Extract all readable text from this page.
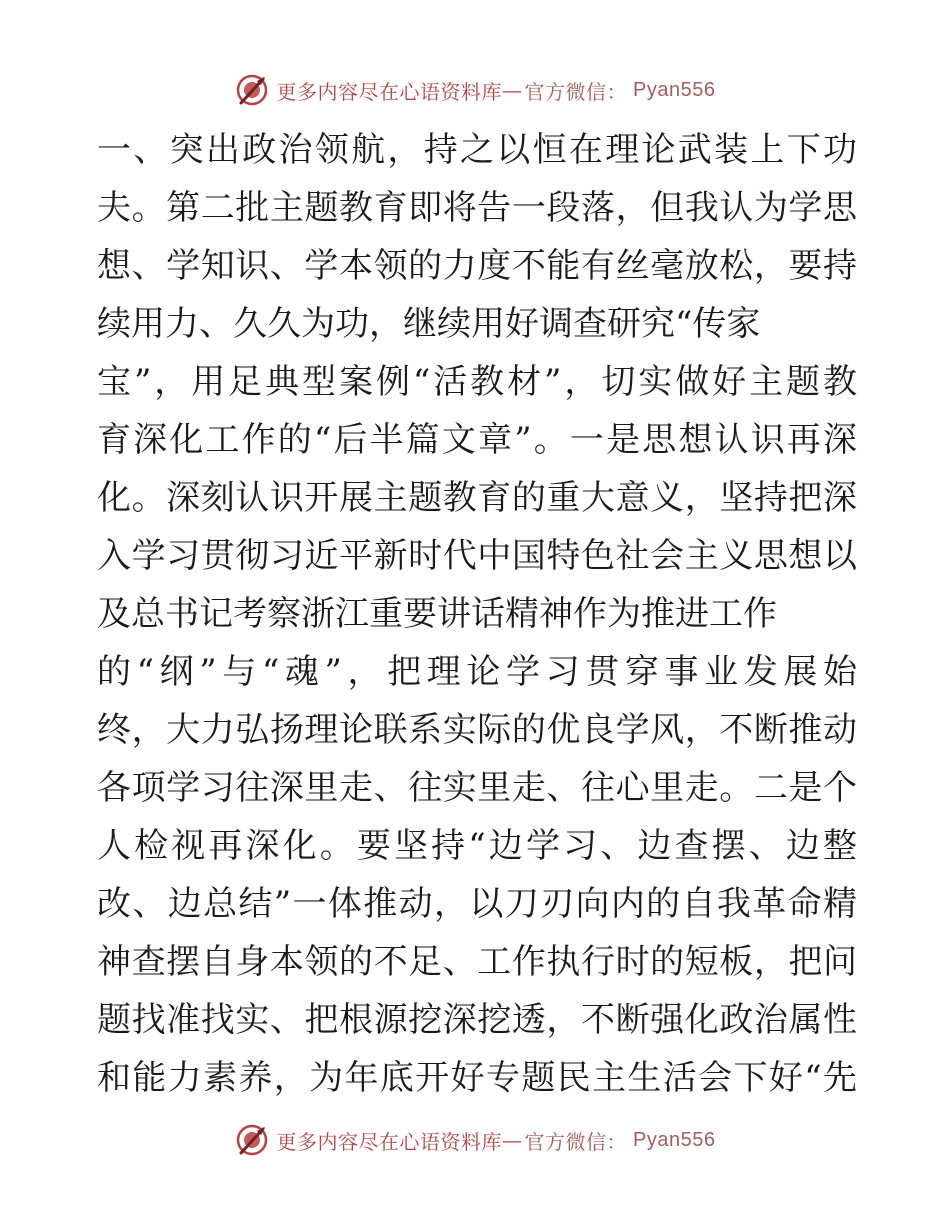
更多内容尽在心语资料库 — 官方微信： Pyan556
一、突出政治领航，持之以恒在理论武装上下功
夫。第二批主题教育即将告一段落，但我认为学思
想、学知识、学本领的力度不能有丝毫放松，要持
续用力、久久为功，继续用好调查研究“传家
宝”，用足典型案例“活教材”，切实做好主题教
育深化工作的“后半篇文章”。一是思想认识再深
化。深刻认识开展主题教育的重大意义，坚持把深
入学习贯彻习近平新时代中国特色社会主义思想以
及总书记考察浙江重要讲话精神作为推进工作
的“纲”与“魂”，把理论学习贯穿事业发展始
终，大力弘扬理论联系实际的优良学风，不断推动
各项学习往深里走、往实里走、往心里走。二是个
人检视再深化。要坚持“边学习、边查摆、边整
改、边总结”一体推动，以刀刃向内的自我革命精
神查摆自身本领的不足、工作执行时的短板，把问
题找准找实、把根源挖深挖透，不断强化政治属性
和能力素养，为年底开好专题民主生活会下好“先
更多内容尽在心语资料库 — 官方微信： Pyan556
